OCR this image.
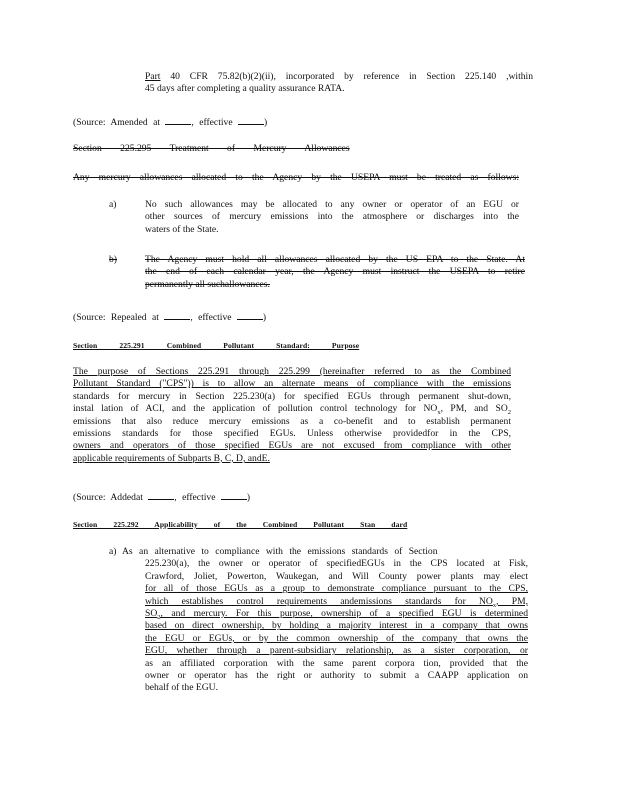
Part 40 CFR 75.82(b)(2)(ii), incorporated by reference in Section 225.140 ,within
45 days after completing a quality assurance RATA.
(Source: Amended at	, effective	)
Section 225.295 Treatment of Mercury Allowances
Any mercury allowances allocated to the Agency by the USEPA must be treated as follows:
a)	No such allowances may be allocated to any owner or operator of an EGU or
other sources of mercury emissions into the atmosphere or discharges into the
waters of the State.
b)	The Agency must hold all allowances allocated by the US EPA to the State. At
the end of each calendar year, the Agency must instruct the USEPA to retire
permanently all suchallowances.
(Source: Repealed at	, effective	)
Section 225.291 Combined Pollutant Standard: Purpose
The purpose of Sections 225.291 through 225.299 (hereinafter referred to as the Combined
Pollutant Standard ("CPS")) is to allow an alternate means of compliance with the emissions
standards for mercury in Section 225.230(a) for specified EGUs through permanent shut-down,
instal lation of ACI, and the application of pollution control technology for $NO_x$, PM, and $SO_2$
emissions that also reduce mercury emissions as a co-benefit and to establish permanent
emissions standards for those specified EGUs. Unless otherwise providedfor in the CPS,
owners and operators of those specified EGUs are not excused from compliance with other
applicable requirements of Subparts B, C, D, andE.
(Source: Addedat	, effective	)
Section 225.292 Applicability of the Combined Pollutant Stan dard
a) As an alternative to compliance with the emissions standards of Section
225.230(a), the owner or operator of specifiedEGUs in the CPS located at Fisk,
Crawford, Joliet, Powerton, Waukegan, and Will County power plants may elect
for all of those EGUs as a group to demonstrate compliance pursuant to the CPS,
which establishes control requirements andemissions standards for $NO_x$, PM,
$SO_2$, and mercury. For this purpose, ownership of a specified EGU is determined
based on direct ownership, by holding a majority interest in a company that owns
the EGU or EGUs, or by the common ownership of the company that owns the
EGU, whether through a parent-subsidiary relationship, as a sister corporation, or
as an affiliated corporation with the same parent corpora tion, provided that the
owner or operator has the right or authority to submit a CAAPP application on
behalf of the EGU.
